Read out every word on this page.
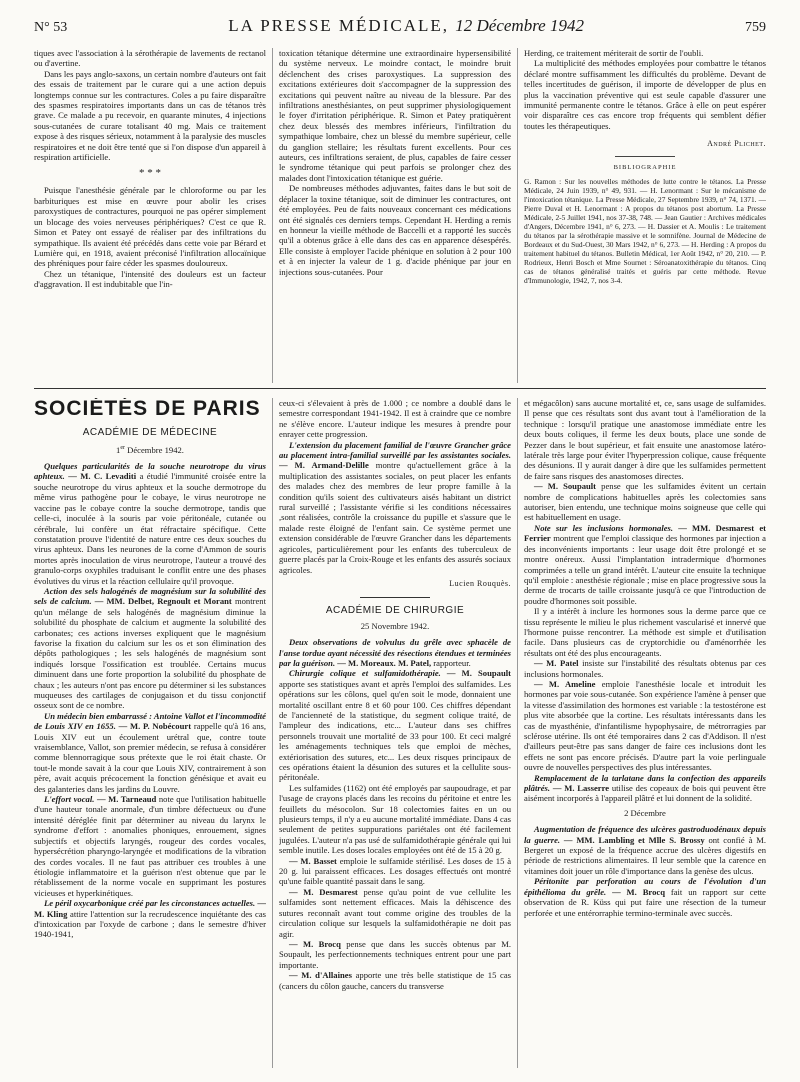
N° 53	LA PRESSE MÉDICALE, 12 Décembre 1942	759

tiques avec l'association à la sérothérapie de lavements de rectanol ou d'avertine.

Dans les pays anglo-saxons, un certain nombre d'auteurs ont fait des essais de traitement par le curare qui a une action depuis longtemps connue sur les contractures. Coles a pu faire disparaître des spasmes respiratoires importants dans un cas de tétanos très grave. Ce malade a pu recevoir, en quarante minutes, 4 injections sous-cutanées de curare totalisant 40 mg. Mais ce traitement expose à des risques sérieux, notamment à la paralysie des muscles respiratoires et ne doit être tenté que si l'on dispose d'un appareil à respiration artificielle.

* * *

Puisque l'anesthésie générale par le chloroforme ou par les barbituriques est mise en œuvre pour abolir les crises paroxystiques de contractures, pourquoi ne pas opérer simplement un blocage des voies nerveuses périphériques? C'est ce que R. Simon et Patey ont essayé de réaliser par des infiltrations du sympathique. Ils avaient été précédés dans cette voie par Bérard et Lumière qui, en 1918, avaient préconisé l'infiltration allocaïnique des phréniques pour faire céder les spasmes douloureux.

Chez un tétanique, l'intensité des douleurs est un facteur d'aggravation. Il est indubitable que l'in-

toxication tétanique détermine une extraordinaire hypersensibilité du système nerveux. Le moindre contact, le moindre bruit déclenchent des crises paroxystiques. La suppression des excitations extérieures doit s'accompagner de la suppression des excitations qui peuvent naître au niveau de la blessure. Par des infiltrations anesthésiantes, on peut supprimer physiologiquement le foyer d'irritation périphérique. R. Simon et Patey pratiquèrent chez deux blessés des membres inférieurs, l'infiltration du sympathique lombaire, chez un blessé du membre supérieur, celle du ganglion stellaire; les résultats furent excellents. Pour ces auteurs, ces infiltrations seraient, de plus, capables de faire cesser le syndrome tétanique qui peut parfois se prolonger chez des malades dont l'intoxication tétanique est guérie.

De nombreuses méthodes adjuvantes, faites dans le but soit de déplacer la toxine tétanique, soit de diminuer les contractures, ont été employées. Peu de faits nouveaux concernant ces médications ont été signalés ces derniers temps. Cependant H. Herding a remis en honneur la vieille méthode de Baccelli et a rapporté les succès qu'il a obtenus grâce à elle dans des cas en apparence désespérés. Elle consiste à employer l'acide phénique en solution à 2 pour 100 et à en injecter la valeur de 1 g. d'acide phénique par jour en injections sous-cutanées. Pour

Herding, ce traitement mériterait de sortir de l'oubli.

La multiplicité des méthodes employées pour combattre le tétanos déclaré montre suffisamment les difficultés du problème. Devant de telles incertitudes de guérison, il importe de développer de plus en plus la vaccination préventive qui est seule capable d'assurer une immunité permanente contre le tétanos. Grâce à elle on peut espérer voir disparaître ces cas encore trop fréquents qui semblent défier toutes les thérapeutiques.

André Plichet.
BIBLIOGRAPHIE

G. Ramon : Sur les nouvelles méthodes de lutte contre le tétanos. La Presse Médicale, 24 Juin 1939, n° 49, 931. — H. Lenormant : Sur le mécanisme de l'intoxication tétanique. La Presse Médicale, 27 Septembre 1939, n° 74, 1371. — Pierre Duval et H. Lenormant : A propos du tétanos post abortum. La Presse Médicale, 2-5 Juillet 1941, nos 37-38, 748. — Jean Gautier : Archives médicales d'Angers, Décembre 1941, n° 6, 273. — H. Dassier et A. Moulis : Le traitement du tétanos par la sérothérapie massive et le somnifène. Journal de Médecine de Bordeaux et du Sud-Ouest, 30 Mars 1942, n° 6, 273. — H. Herding : A propos du traitement habituel du tétanos. Bulletin Médical, 1er Août 1942, n° 20, 210. — P. Rodrieux, Henri Bosch et Mme Sournet : Séroanatoxithérapie du tétanos. Cinq cas de tétanos généralisé traités et guéris par cette méthode. Revue d'Immunologie, 1942, 7, nos 3-4.

SOCIÉTÉS DE PARIS
ACADÉMIE DE MÉDECINE
1er Décembre 1942.

Quelques particularités de la souche neurotrope du virus aphteux. — M. C. Levaditi a étudié l'immunité croisée entre la souche neurotrope du virus aphteux et la souche dermotrope du même virus pathogène pour le cobaye, le virus neurotrope ne vaccine pas le cobaye contre la souche dermotrope, tandis que celle-ci, inoculée à la souris par voie péritonéale, cutanée ou cérébrale, lui confère un état réfractaire spécifique. Cette constatation prouve l'identité de nature entre ces deux souches du virus aphteux. Dans les neurones de la corne d'Ammon de souris mortes après inoculation de virus neurotrope, l'auteur a trouvé des granulo-corps oxyphiles traduisant le conflit entre une des phases évolutives du virus et la réaction cellulaire qu'il provoque.

Action des sels halogénés de magnésium sur la solubilité des sels de calcium. — MM. Delbet, Regnoult et Morant montrent qu'un mélange de sels halogénés de magnésium diminue la solubilité du phosphate de calcium et augmente la solubilité des carbonates; ces actions inverses expliquent que le magnésium favorise la fixation du calcium sur les os et son élimination des dépôts pathologiques ; les sels halogénés de magnésium sont indiqués lorsque l'ossification est troublée. Certains mucus diminuent dans une forte proportion la solubilité du phosphate de chaux ; les auteurs n'ont pas encore pu déterminer si les substances muqueuses des cartilages de conjugaison et du tissu conjonctif osseux sont de ce nombre.

Un médecin bien embarrassé : Antoine Vallot et l'incommodité de Louis XIV en 1655. — M. P. Nobécourt rappelle qu'à 16 ans, Louis XIV eut un écoulement urétral que, contre toute vraisemblance, Vallot, son premier médecin, se refusa à considérer comme blennorragique sous prétexte que le roi était chaste. Or tout-le monde savait à la cour que Louis XIV, contrairement à son père, avait acquis précocement la fonction génésique et avait eu des galanteries dans les jardins du Louvre.

L'effort vocal. — M. Tarneaud note que l'utilisation habituelle d'une hauteur tonale anormale, d'un timbre défectueux ou d'une intensité déréglée finit par déterminer au niveau du larynx le syndrome d'effort : anomalies phoniques, enrouement, signes subjectifs et objectifs laryngés, rougeur des cordes vocales, hypersécrétion pharyngo-laryngée et modifications de la vibration des cordes vocales. Il ne faut pas attribuer ces troubles à une étiologie inflammatoire et la guérison n'est obtenue que par le rétablissement de la norme vocale en supprimant les postures vicieuses et hyperkinétiques.

Le péril oxycarbonique créé par les circonstances actuelles. — M. Kling attire l'attention sur la recrudescence inquiétante des cas d'intoxication par l'oxyde de carbone ; dans le semestre d'hiver 1940-1941,

ceux-ci s'élevaient à près de 1.000 ; ce nombre a doublé dans le semestre correspondant 1941-1942. Il est à craindre que ce nombre ne s'élève encore. L'auteur indique les mesures à prendre pour enrayer cette progression.

L'extension du placement familial de l'œuvre Grancher grâce au placement intra-familial surveillé par les assistantes sociales. — M. Armand-Delille montre qu'actuellement grâce à la multiplication des assistantes sociales, on peut placer les enfants des malades chez des membres de leur propre famille à la condition qu'ils soient des cultivateurs aisés habitant un district rural surveillé ; l'assistante vérifie si les conditions nécessaires ,sont réalisées, contrôle la croissance du pupille et s'assure que le malade reste éloigné de l'enfant sain. Ce système permet une extension considérable de l'œuvre Grancher dans les départements agricoles, particulièrement pour les enfants des tuberculeux de guerre placés par la Croix-Rouge et les enfants des assurés sociaux agricoles.

Lucien Rouquès.
ACADÉMIE DE CHIRURGIE
25 Novembre 1942.

Deux observations de volvulus du grêle avec sphacèle de l'anse tordue ayant nécessité des résections étendues et terminées par la guérison. — M. Moreaux. M. Patel, rapporteur.

Chirurgie colique et sulfamidothérapie. — M. Soupault apporte ses statistiques avant et après l'emploi des sulfamides. Les opérations sur les côlons, quel qu'en soit le mode, donnaient une mortalité oscillant entre 8 et 60 pour 100. Ces chiffres dépendant de l'ancienneté de la statistique, du segment colique traité, de l'ampleur des indications, etc... L'auteur dans ses chiffres personnels trouvait une mortalité de 33 pour 100. Et ceci malgré les aménagements techniques tels que emploi de mèches, extériorisation des sutures, etc... Les deux risques principaux de ces opérations étaient la désunion des sutures et la cellulite sous-péritonéale.

Les sulfamides (1162) ont été employés par saupoudrage, et par l'usage de crayons placés dans les recoins du péritoine et entre les feuillets du mésocolon. Sur 18 colectomies faites en un ou plusieurs temps, il n'y a eu aucune mortalité immédiate. Dans 4 cas seulement de petites suppurations pariétales ont été facilement jugulées. L'auteur n'a pas usé de sulfamidothérapie générale qui lui semble inutile. Les doses locales employées ont été de 15 à 20 g.

— M. Basset emploie le sulfamide stérilisé. Les doses de 15 à 20 g. lui paraissent efficaces. Les dosages effectués ont montré qu'une faible quantité passait dans le sang.

— M. Desmarest pense qu'au point de vue cellulite les sulfamides sont nettement efficaces. Mais la déhiscence des sutures reconnaît avant tout comme origine des troubles de la circulation colique sur lesquels la sulfamidothérapie ne doit pas agir.

— M. Brocq pense que dans les succès obtenus par M. Soupault, les perfectionnements techniques entrent pour une part importante.

— M. d'Allaines apporte une très belle statistique de 15 cas (cancers du côlon gauche, cancers du transverse

et mégacôlon) sans aucune mortalité et, ce, sans usage de sulfamides. Il pense que ces résultats sont dus avant tout à l'amélioration de la technique : lorsqu'il pratique une anastomose immédiate entre les deux bouts coliques, il ferme les deux bouts, place une sonde de Pezzer dans le bout supérieur, et fait ensuite une anastomose latéro-latérale très large pour éviter l'hyperpression colique, cause fréquente des désunions. Il y aurait danger à dire que les sulfamides permettent de faire sans risques des anastomoses directes.

— M. Soupault pense que les sulfamides évitent un certain nombre de complications habituelles après les colectomies sans autoriser, bien entendu, une technique moins soigneuse que celle qui est habituellement en usage.

Note sur les inclusions hormonales. — MM. Desmarest et Ferrier montrent que l'emploi classique des hormones par injection a des inconvénients importants : leur usage doit être prolongé et se montre onéreux. Aussi l'implantation intradermique d'hormones comprimées a telle un grand intérêt. L'auteur cite ensuite la technique qu'il emploie : anesthésie régionale ; mise en place progressive sous la derme de trocarts de taille croissante jusqu'à ce que l'introduction de poudre d'hormones soit possible.

Il y a intérêt à inclure les hormones sous la derme parce que ce tissu représente le milieu le plus richement vascularisé et innervé que l'hormone puisse rencontrer. La méthode est simple et d'utilisation facile. Dans plusieurs cas de cryptorchidie ou d'aménorrhée les résultats ont été des plus encourageants.

— M. Patel insiste sur l'instabilité des résultats obtenus par ces inclusions hormonales.

— M. Ameline emploie l'anesthésie locale et introduit les hormones par voie sous-cutanée. Son expérience l'amène à penser que la vitesse d'assimilation des hormones est variable : la testostérone est plus vite absorbée que la cortine. Les résultats intéressants dans les cas de myasthénie, d'infantilisme hypophysaire, de métrorragies par sclérose utérine. Ils ont été temporaires dans 2 cas d'Addison. Il n'est d'ailleurs peut-être pas sans danger de faire ces inclusions dont les effets ne sont pas encore précisés. D'autre part la voie perlinguale ouvre de nouvelles perspectives des plus intéressantes.

Remplacement de la tarlatane dans la confection des appareils plâtrés. — M. Lasserre utilise des copeaux de bois qui peuvent être aisément incorporés à l'appareil plâtré et lui donnent de la solidité.

2 Décembre

Augmentation de fréquence des ulcères gastroduodénaux depuis la guerre. — MM. Lambling et Mlle S. Brossy ont confié à M. Bergeret un exposé de la fréquence accrue des ulcères digestifs en période de restrictions alimentaires. Il leur semble que la carence en vitamines doit jouer un rôle d'importance dans la genèse des ulcus.

Péritonite par perforation au cours de l'évolution d'un épithélioma du grêle. — M. Brocq fait un rapport sur cette observation de R. Küss qui put faire une résection de la tumeur perforée et une entérorraphie termino-terminale avec succès.
